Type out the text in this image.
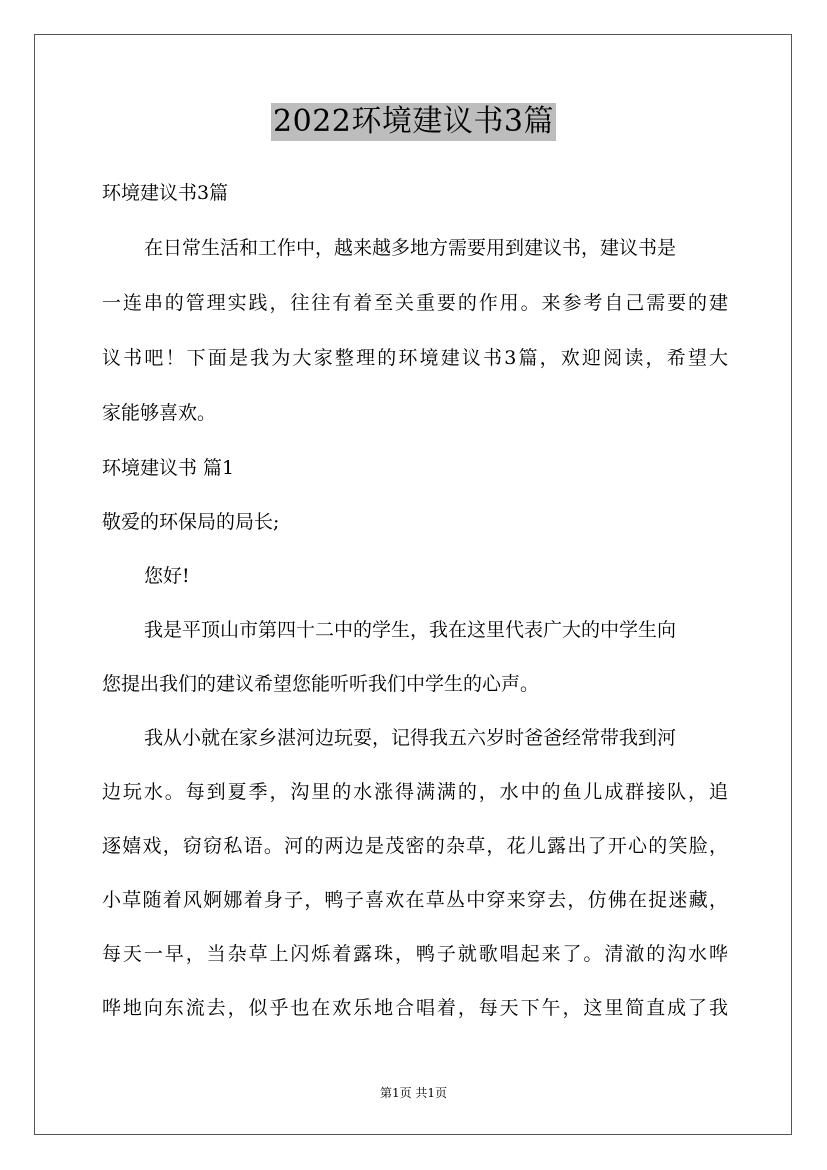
2022环境建议书3篇
环境建议书3篇
在日常生活和工作中，越来越多地方需要用到建议书，建议书是
一连串的管理实践，往往有着至关重要的作用。来参考自己需要的建
议书吧！下面是我为大家整理的环境建议书3篇，欢迎阅读，希望大
家能够喜欢。
环境建议书 篇1
敬爱的环保局的局长;
您好!
我是平顶山市第四十二中的学生，我在这里代表广大的中学生向
您提出我们的建议希望您能听听我们中学生的心声。
我从小就在家乡湛河边玩耍，记得我五六岁时爸爸经常带我到河
边玩水。每到夏季，沟里的水涨得满满的，水中的鱼儿成群接队，追
逐嬉戏，窃窃私语。河的两边是茂密的杂草，花儿露出了开心的笑脸，
小草随着风婀娜着身子，鸭子喜欢在草丛中穿来穿去，仿佛在捉迷藏，
每天一早，当杂草上闪烁着露珠，鸭子就歌唱起来了。清澈的沟水哗
哗地向东流去，似乎也在欢乐地合唱着，每天下午，这里简直成了我
第1页 共1页
